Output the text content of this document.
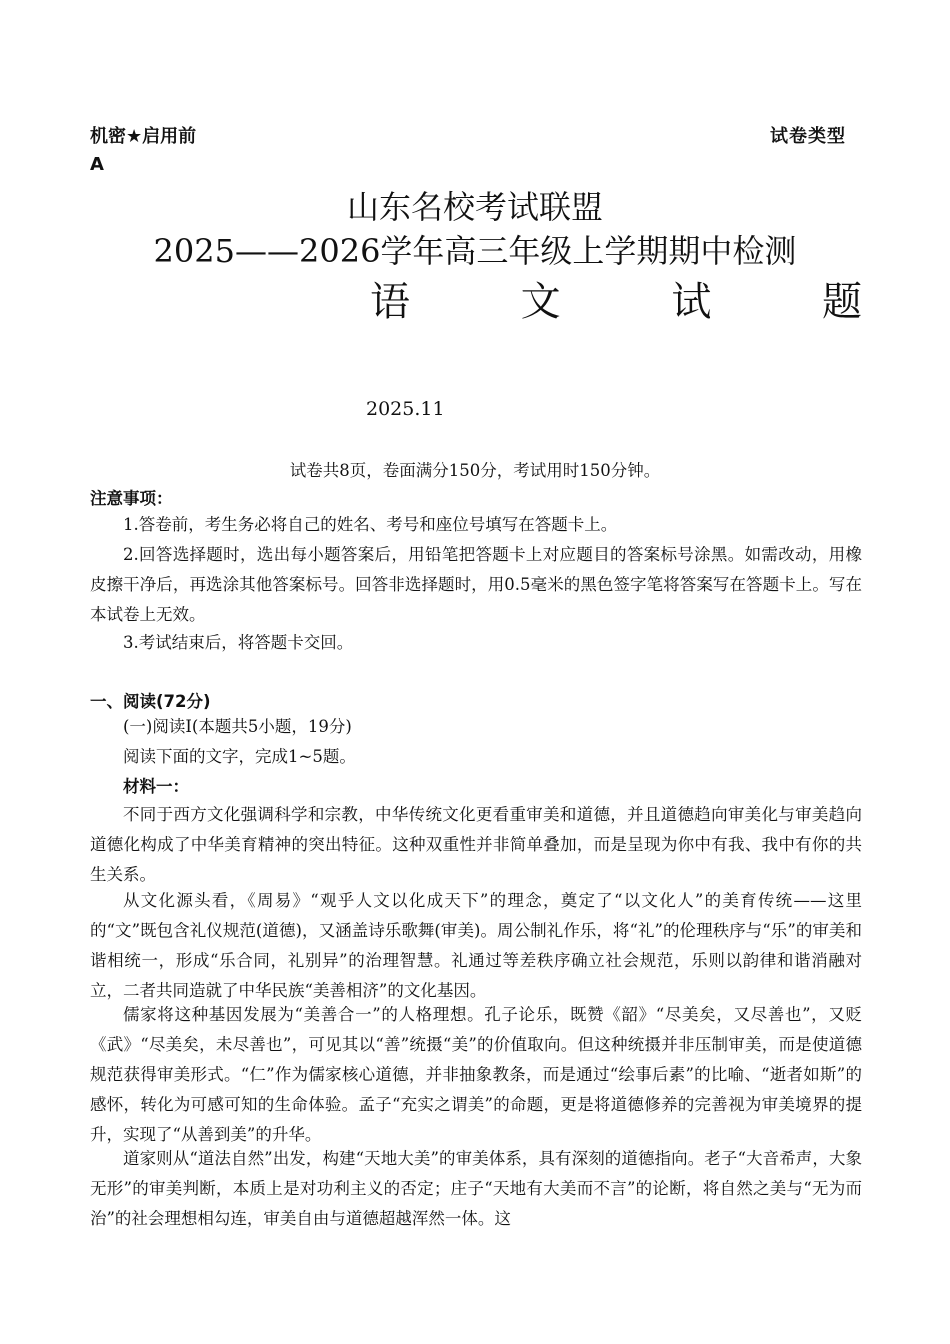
机密★启用前	试卷类型
A
山东名校考试联盟
2025——2026学年高三年级上学期期中检测
语	文	试	题
2025.11
试卷共8页，卷面满分150分，考试用时150分钟。
注意事项：
1.答卷前，考生务必将自己的姓名、考号和座位号填写在答题卡上。
2.回答选择题时，选出每小题答案后，用铅笔把答题卡上对应题目的答案标号涂黑。如需改动，用橡皮擦干净后，再选涂其他答案标号。回答非选择题时，用0.5毫米的黑色签字笔将答案写在答题卡上。写在本试卷上无效。
3.考试结束后，将答题卡交回。
一、阅读(72分)
(一)阅读Ⅰ(本题共5小题，19分)
阅读下面的文字，完成1~5题。
材料一：
不同于西方文化强调科学和宗教，中华传统文化更看重审美和道德，并且道德趋向审美化与审美趋向道德化构成了中华美育精神的突出特征。这种双重性并非简单叠加，而是呈现为你中有我、我中有你的共生关系。
从文化源头看，《周易》“观乎人文以化成天下”的理念，奠定了“以文化人”的美育传统——这里的“文”既包含礼仪规范(道德)，又涵盖诗乐歌舞(审美)。周公制礼作乐，将“礼”的伦理秩序与“乐”的审美和谐相统一，形成“乐合同，礼别异”的治理智慧。礼通过等差秩序确立社会规范，乐则以韵律和谐消融对立，二者共同造就了中华民族“美善相济”的文化基因。
儒家将这种基因发展为“美善合一”的人格理想。孔子论乐，既赞《韶》“尽美矣，又尽善也”，又贬《武》“尽美矣，未尽善也”，可见其以“善”统摄“美”的价值取向。但这种统摄并非压制审美，而是使道德规范获得审美形式。“仁”作为儒家核心道德，并非抽象教条，而是通过“绘事后素”的比喻、“逝者如斯”的感怀，转化为可感可知的生命体验。孟子“充实之谓美”的命题，更是将道德修养的完善视为审美境界的提升，实现了“从善到美”的升华。
道家则从“道法自然”出发，构建“天地大美”的审美体系，具有深刻的道德指向。老子“大音希声，大象无形”的审美判断，本质上是对功利主义的否定；庄子“天地有大美而不言”的论断，将自然之美与“无为而治”的社会理想相勾连，审美自由与道德超越浑然一体。这
